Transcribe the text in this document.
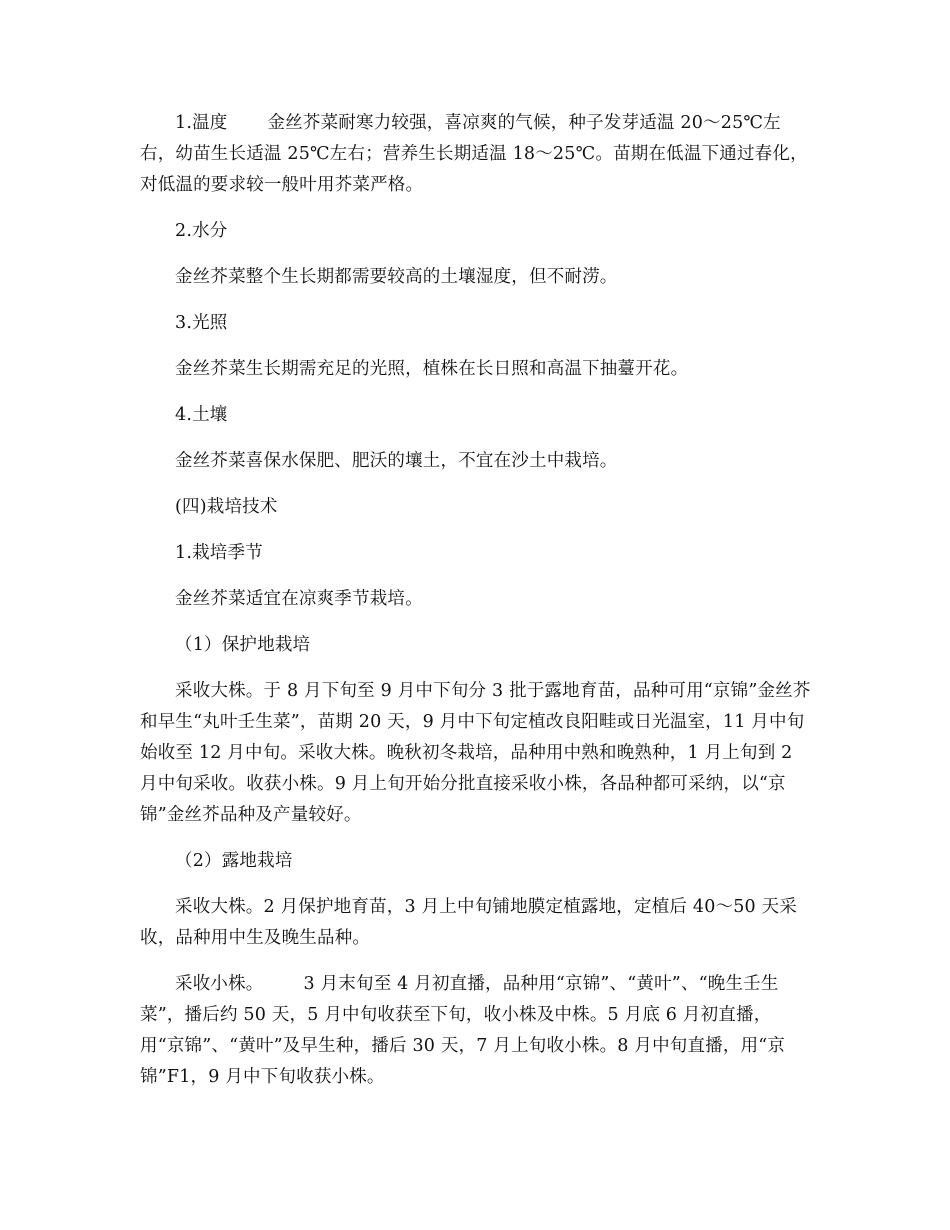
1.温度 金丝芥菜耐寒力较强，喜凉爽的气候，种子发芽适温 20～25℃左右，幼苗生长适温 25℃左右；营养生长期适温 18～25℃。苗期在低温下通过春化，对低温的要求较一般叶用芥菜严格。

2.水分

金丝芥菜整个生长期都需要较高的土壤湿度，但不耐涝。

3.光照

金丝芥菜生长期需充足的光照，植株在长日照和高温下抽薹开花。

4.土壤

金丝芥菜喜保水保肥、肥沃的壤土，不宜在沙土中栽培。

(四)栽培技术

1.栽培季节

金丝芥菜适宜在凉爽季节栽培。

（1）保护地栽培

采收大株。于 8 月下旬至 9 月中下旬分 3 批于露地育苗，品种可用“京锦”金丝芥和早生“丸叶壬生菜”，苗期 20 天，9 月中下旬定植改良阳畦或日光温室，11 月中旬始收至 12 月中旬。采收大株。晚秋初冬栽培，品种用中熟和晚熟种，1 月上旬到 2 月中旬采收。收获小株。9 月上旬开始分批直接采收小株，各品种都可采纳，以“京锦”金丝芥品种及产量较好。

（2）露地栽培

采收大株。2 月保护地育苗，3 月上中旬铺地膜定植露地，定植后 40～50 天采收，品种用中生及晚生品种。

采收小株。 3 月末旬至 4 月初直播，品种用“京锦”、“黄叶”、“晚生壬生菜”，播后约 50 天，5 月中旬收获至下旬，收小株及中株。5 月底 6 月初直播，用“京锦”、“黄叶”及早生种，播后 30 天，7 月上旬收小株。8 月中旬直播，用“京锦”F1，9 月中下旬收获小株。
